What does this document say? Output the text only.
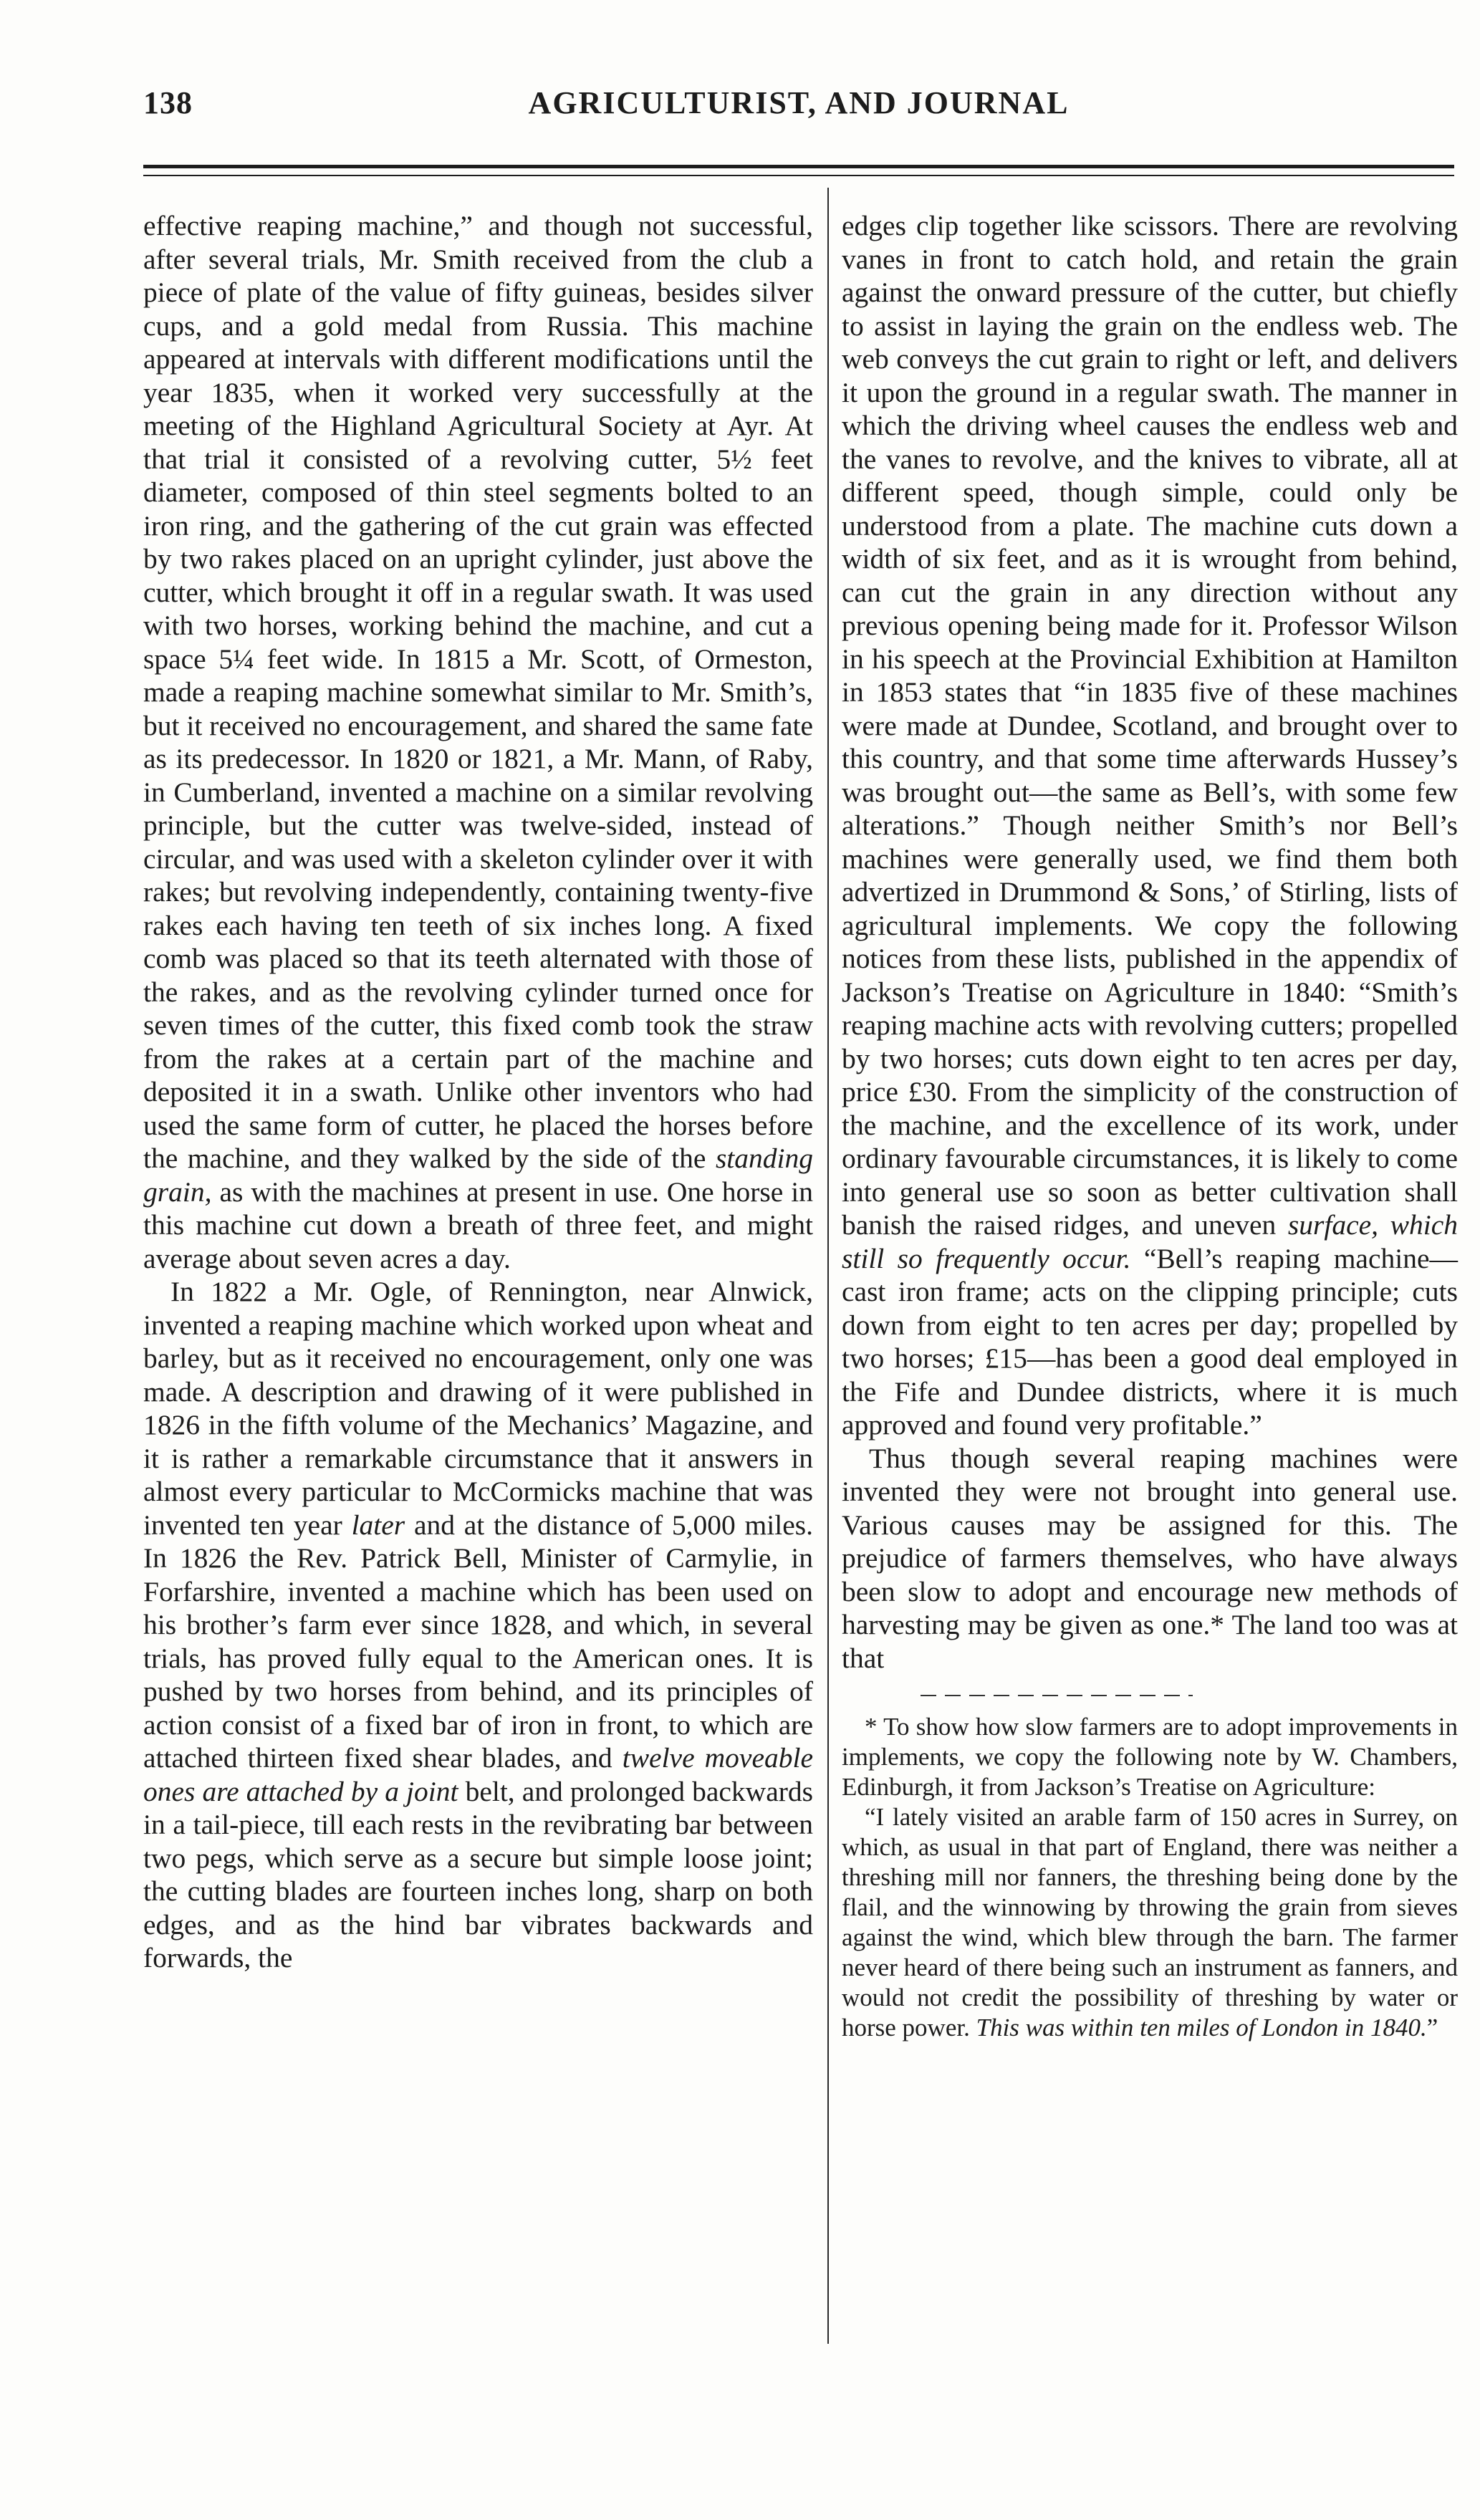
138	AGRICULTURIST, AND JOURNAL

effective reaping machine,” and though not successful, after several trials, Mr. Smith received from the club a piece of plate of the value of fifty guineas, besides silver cups, and a gold medal from Russia. This machine appeared at intervals with different modifications until the year 1835, when it worked very successfully at the meeting of the Highland Agricultural Society at Ayr. At that trial it consisted of a revolving cutter, 5½ feet diameter, composed of thin steel segments bolted to an iron ring, and the gathering of the cut grain was effected by two rakes placed on an upright cylinder, just above the cutter, which brought it off in a regular swath. It was used with two horses, working behind the machine, and cut a space 5¼ feet wide. In 1815 a Mr. Scott, of Ormeston, made a reaping machine somewhat similar to Mr. Smith’s, but it received no encouragement, and shared the same fate as its predecessor. In 1820 or 1821, a Mr. Mann, of Raby, in Cumberland, invented a machine on a similar revolving principle, but the cutter was twelve-sided, instead of circular, and was used with a skeleton cylinder over it with rakes; but revolving independently, containing twenty-five rakes each having ten teeth of six inches long. A fixed comb was placed so that its teeth alternated with those of the rakes, and as the revolving cylinder turned once for seven times of the cutter, this fixed comb took the straw from the rakes at a certain part of the machine and deposited it in a swath. Unlike other inventors who had used the same form of cutter, he placed the horses before the machine, and they walked by the side of the standing grain, as with the machines at present in use. One horse in this machine cut down a breath of three feet, and might average about seven acres a day.

In 1822 a Mr. Ogle, of Rennington, near Alnwick, invented a reaping machine which worked upon wheat and barley, but as it received no encouragement, only one was made. A description and drawing of it were published in 1826 in the fifth volume of the Mechanics’ Magazine, and it is rather a remarkable circumstance that it answers in almost every particular to McCormicks machine that was invented ten year later and at the distance of 5,000 miles. In 1826 the Rev. Patrick Bell, Minister of Carmylie, in Forfarshire, invented a machine which has been used on his brother’s farm ever since 1828, and which, in several trials, has proved fully equal to the American ones. It is pushed by two horses from behind, and its principles of action consist of a fixed bar of iron in front, to which are attached thirteen fixed shear blades, and twelve moveable ones are attached by a joint belt, and prolonged backwards in a tail-piece, till each rests in the revibrating bar between two pegs, which serve as a secure but simple loose joint; the cutting blades are fourteen inches long, sharp on both edges, and as the hind bar vibrates backwards and forwards, the

edges clip together like scissors. There are revolving vanes in front to catch hold, and retain the grain against the onward pressure of the cutter, but chiefly to assist in laying the grain on the endless web. The web conveys the cut grain to right or left, and delivers it upon the ground in a regular swath. The manner in which the driving wheel causes the endless web and the vanes to revolve, and the knives to vibrate, all at different speed, though simple, could only be understood from a plate. The machine cuts down a width of six feet, and as it is wrought from behind, can cut the grain in any direction without any previous opening being made for it. Professor Wilson in his speech at the Provincial Exhibition at Hamilton in 1853 states that “in 1835 five of these machines were made at Dundee, Scotland, and brought over to this country, and that some time afterwards Hussey’s was brought out—the same as Bell’s, with some few alterations.” Though neither Smith’s nor Bell’s machines were generally used, we find them both advertized in Drummond & Sons,’ of Stirling, lists of agricultural implements. We copy the following notices from these lists, published in the appendix of Jackson’s Treatise on Agriculture in 1840: “Smith’s reaping machine acts with revolving cutters; propelled by two horses; cuts down eight to ten acres per day, price £30. From the simplicity of the construction of the machine, and the excellence of its work, under ordinary favourable circumstances, it is likely to come into general use so soon as better cultivation shall banish the raised ridges, and uneven surface, which still so frequently occur. “Bell’s reaping machine—cast iron frame; acts on the clipping principle; cuts down from eight to ten acres per day; propelled by two horses; £15—has been a good deal employed in the Fife and Dundee districts, where it is much approved and found very profitable.”

Thus though several reaping machines were invented they were not brought into general use. Various causes may be assigned for this. The prejudice of farmers themselves, who have always been slow to adopt and encourage new methods of harvesting may be given as one.* The land too was at that

* To show how slow farmers are to adopt improvements in implements, we copy the following note by W. Chambers, Edinburgh, it from Jackson’s Treatise on Agriculture:

“I lately visited an arable farm of 150 acres in Surrey, on which, as usual in that part of England, there was neither a threshing mill nor fanners, the threshing being done by the flail, and the winnowing by throwing the grain from sieves against the wind, which blew through the barn. The farmer never heard of there being such an instrument as fanners, and would not credit the possibility of threshing by water or horse power. This was within ten miles of London in 1840.”
